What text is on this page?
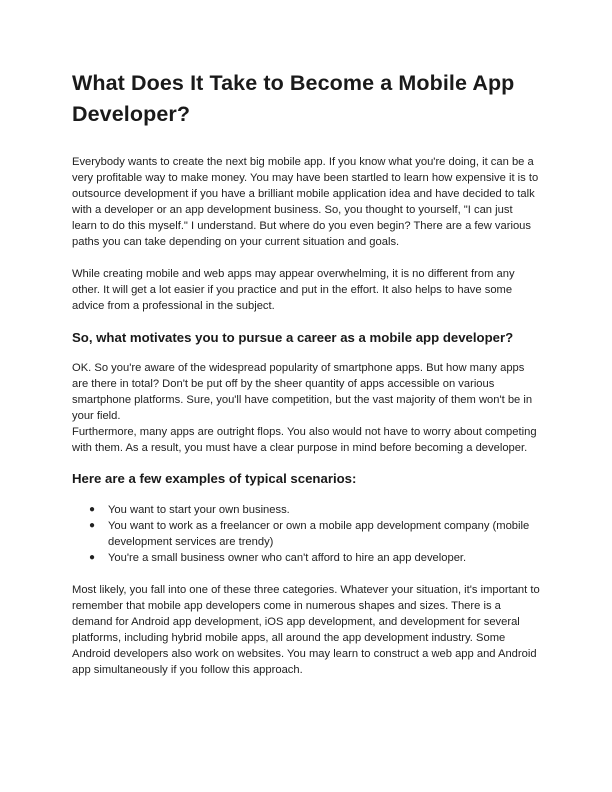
What Does It Take to Become a Mobile App Developer?

Everybody wants to create the next big mobile app. If you know what you're doing, it can be a very profitable way to make money. You may have been startled to learn how expensive it is to outsource development if you have a brilliant mobile application idea and have decided to talk with a developer or an app development business. So, you thought to yourself, "I can just learn to do this myself." I understand. But where do you even begin? There are a few various paths you can take depending on your current situation and goals.

While creating mobile and web apps may appear overwhelming, it is no different from any other. It will get a lot easier if you practice and put in the effort. It also helps to have some advice from a professional in the subject.

So, what motivates you to pursue a career as a mobile app developer?

OK. So you're aware of the widespread popularity of smartphone apps. But how many apps are there in total? Don't be put off by the sheer quantity of apps accessible on various smartphone platforms. Sure, you'll have competition, but the vast majority of them won't be in your field.

Furthermore, many apps are outright flops. You also would not have to worry about competing with them. As a result, you must have a clear purpose in mind before becoming a developer.

Here are a few examples of typical scenarios:
● You want to start your own business.
● You want to work as a freelancer or own a mobile app development company (mobile development services are trendy)
● You're a small business owner who can't afford to hire an app developer.

Most likely, you fall into one of these three categories. Whatever your situation, it's important to remember that mobile app developers come in numerous shapes and sizes. There is a demand for Android app development, iOS app development, and development for several platforms, including hybrid mobile apps, all around the app development industry. Some Android developers also work on websites. You may learn to construct a web app and Android app simultaneously if you follow this approach.
